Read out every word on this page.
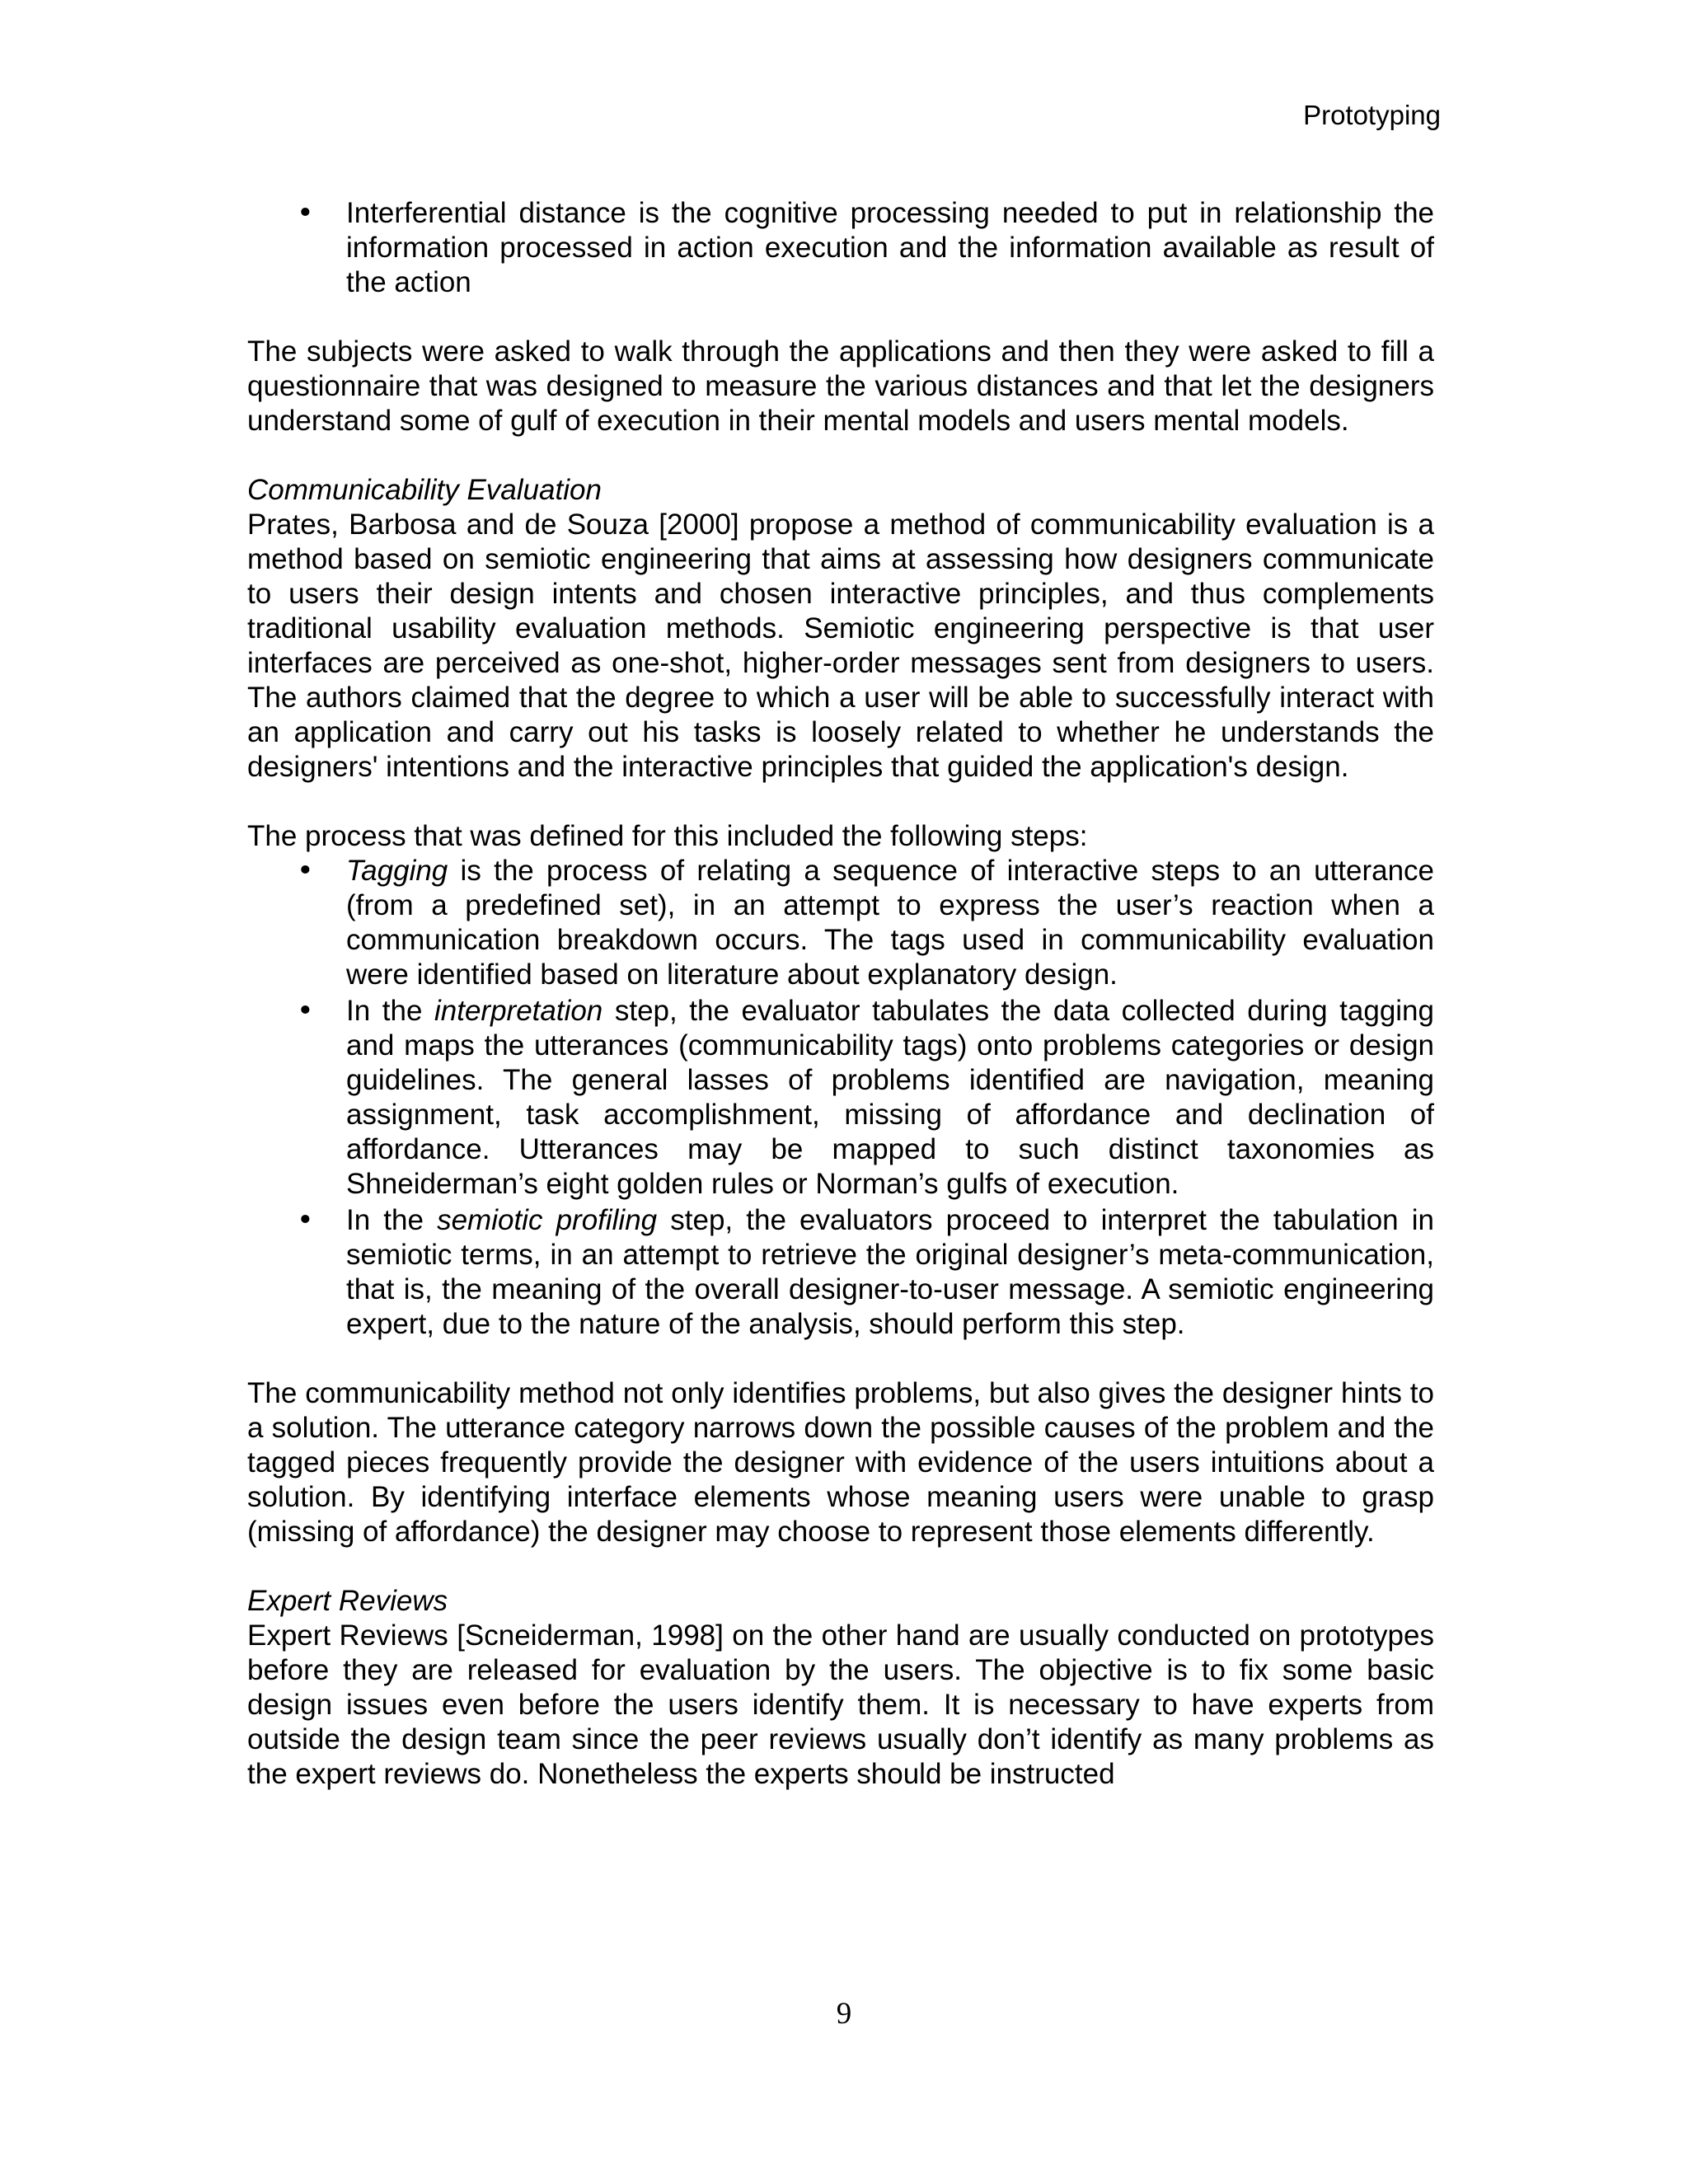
Prototyping
• Interferential distance is the cognitive processing needed to put in relationship the information processed in action execution and the information available as result of the action

The subjects were asked to walk through the applications and then they were asked to fill a questionnaire that was designed to measure the various distances and that let the designers understand some of gulf of execution in their mental models and users mental models.

Communicability Evaluation

Prates, Barbosa and de Souza [2000] propose a method of communicability evaluation is a method based on semiotic engineering that aims at assessing how designers communicate to users their design intents and chosen interactive principles, and thus complements traditional usability evaluation methods. Semiotic engineering perspective is that user interfaces are perceived as one-shot, higher-order messages sent from designers to users. The authors claimed that the degree to which a user will be able to successfully interact with an application and carry out his tasks is loosely related to whether he understands the designers' intentions and the interactive principles that guided the application's design.

The process that was defined for this included the following steps:

• Tagging is the process of relating a sequence of interactive steps to an utterance (from a predefined set), in an attempt to express the user’s reaction when a communication breakdown occurs. The tags used in communicability evaluation were identified based on literature about explanatory design.
• In the interpretation step, the evaluator tabulates the data collected during tagging and maps the utterances (communicability tags) onto problems categories or design guidelines. The general lasses of problems identified are navigation, meaning assignment, task accomplishment, missing of affordance and declination of affordance. Utterances may be mapped to such distinct taxonomies as Shneiderman’s eight golden rules or Norman’s gulfs of execution.
• In the semiotic profiling step, the evaluators proceed to interpret the tabulation in semiotic terms, in an attempt to retrieve the original designer’s meta-communication, that is, the meaning of the overall designer-to-user message. A semiotic engineering expert, due to the nature of the analysis, should perform this step.

The communicability method not only identifies problems, but also gives the designer hints to a solution. The utterance category narrows down the possible causes of the problem and the tagged pieces frequently provide the designer with evidence of the users intuitions about a solution. By identifying interface elements whose meaning users were unable to grasp (missing of affordance) the designer may choose to represent those elements differently.

Expert Reviews

Expert Reviews [Scneiderman, 1998] on the other hand are usually conducted on prototypes before they are released for evaluation by the users. The objective is to fix some basic design issues even before the users identify them. It is necessary to have experts from outside the design team since the peer reviews usually don’t identify as many problems as the expert reviews do. Nonetheless the experts should be instructed

9
